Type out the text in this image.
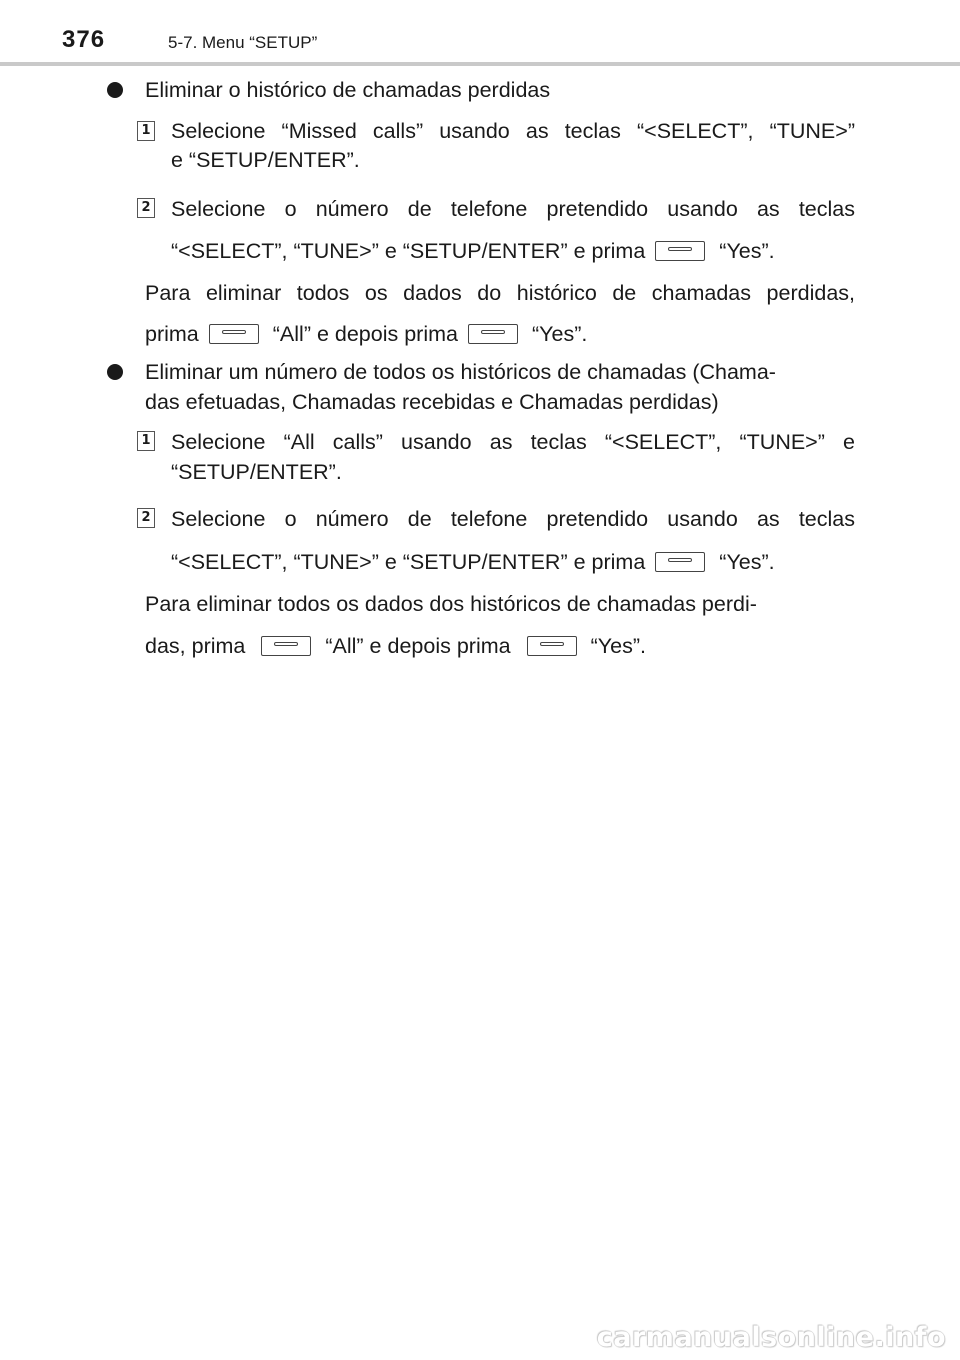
376	5-7. Menu “SETUP”
Eliminar o histórico de chamadas perdidas
1 Selecione “Missed calls” usando as teclas “<SELECT”, “TUNE>”
e “SETUP/ENTER”.
2 Selecione o número de telefone pretendido usando as teclas
“<SELECT”, “TUNE>” e “SETUP/ENTER” e prima	“Yes”.
Para eliminar todos os dados do histórico de chamadas perdidas,
prima	“All” e depois prima	“Yes”.
Eliminar um número de todos os históricos de chamadas (Chama-
das efetuadas, Chamadas recebidas e Chamadas perdidas)
1 Selecione “All calls” usando as teclas “<SELECT”, “TUNE>” e
“SETUP/ENTER”.
2 Selecione o número de telefone pretendido usando as teclas
“<SELECT”, “TUNE>” e “SETUP/ENTER” e prima	“Yes”.
Para eliminar todos os dados dos históricos de chamadas perdi-
das, prima	“All” e depois prima	“Yes”.
carmanualsonline.info
